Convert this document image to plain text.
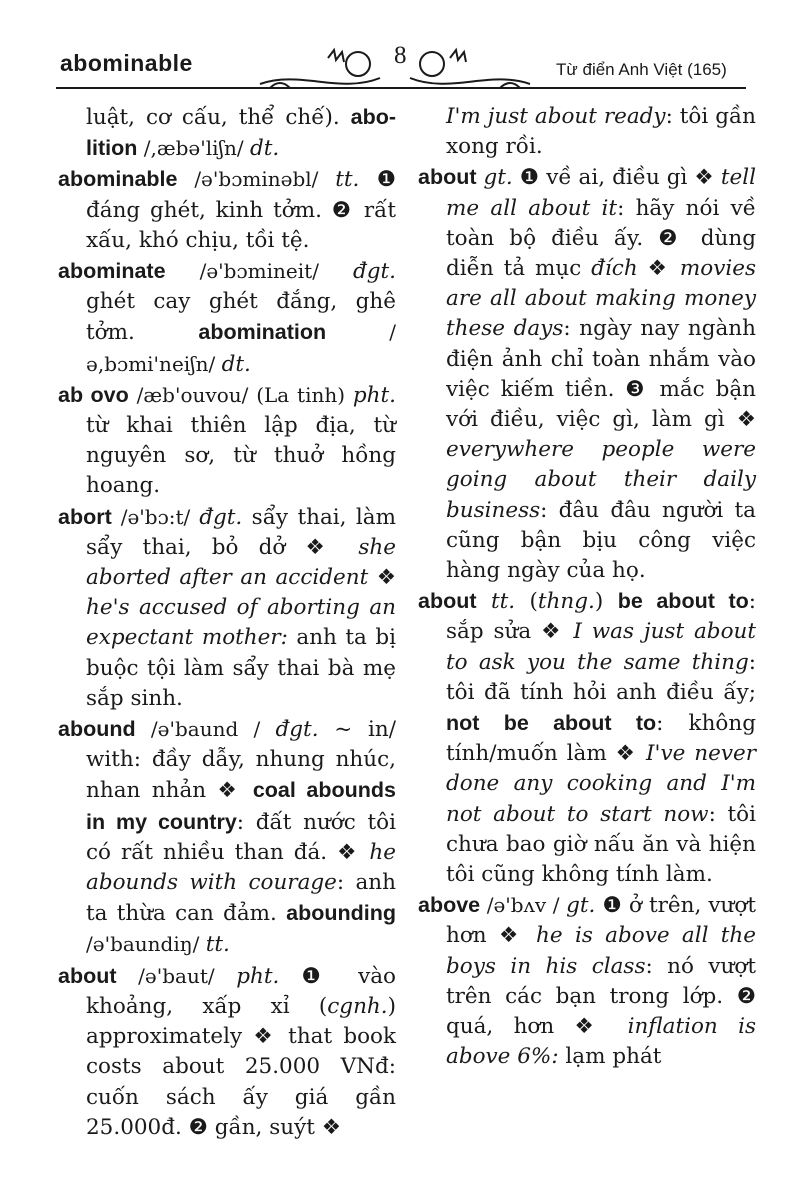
abominable	8
Từ điển Anh Việt (165)

luật, cơ cấu, thể chế). abo-lition /,æbə'liʃn/ dt.

abominable /ə'bɔminəbl/ tt. ❶ đáng ghét, kinh tởm. ❷ rất xấu, khó chịu, tồi tệ.

abominate /ə'bɔmineit/ đgt. ghét cay ghét đắng, ghê tởm. abomination /ə,bɔmi'neiʃn/ dt.

ab ovo /æb'ouvou/ (La tinh) pht. từ khai thiên lập địa, từ nguyên sơ, từ thuở hồng hoang.

abort /ə'bɔ:t/ đgt. sẩy thai, làm sẩy thai, bỏ dở ❖ she aborted after an accident ❖ he's accused of aborting an expectant mother: anh ta bị buộc tội làm sẩy thai bà mẹ sắp sinh.

abound /ə'baund / đgt. ~ in/ with: đầy dẫy, nhung nhúc, nhan nhản ❖ coal abounds in my country: đất nước tôi có rất nhiều than đá. ❖ he abounds with courage: anh ta thừa can đảm. abounding /ə'baundiŋ/ tt.

about /ə'baut/ pht. ❶ vào khoảng, xấp xỉ (cgnh.) approximately ❖ that book costs about 25.000 VNđ: cuốn sách ấy giá gần 25.000đ. ❷ gần, suýt ❖

I'm just about ready: tôi gần xong rồi.

about gt. ❶ về ai, điều gì ❖ tell me all about it: hãy nói về toàn bộ điều ấy. ❷ dùng diễn tả mục đích ❖ movies are all about making money these days: ngày nay ngành điện ảnh chỉ toàn nhắm vào việc kiếm tiền. ❸ mắc bận với điều, việc gì, làm gì ❖ everywhere people were going about their daily business: đâu đâu người ta cũng bận bịu công việc hàng ngày của họ.

about tt. (thng.) be about to: sắp sửa ❖ I was just about to ask you the same thing: tôi đã tính hỏi anh điều ấy; not be about to: không tính/muốn làm ❖ I've never done any cooking and I'm not about to start now: tôi chưa bao giờ nấu ăn và hiện tôi cũng không tính làm.

above /ə'bʌv / gt. ❶ ở trên, vượt hơn ❖ he is above all the boys in his class: nó vượt trên các bạn trong lớp. ❷ quá, hơn ❖ inflation is above 6%: lạm phát
